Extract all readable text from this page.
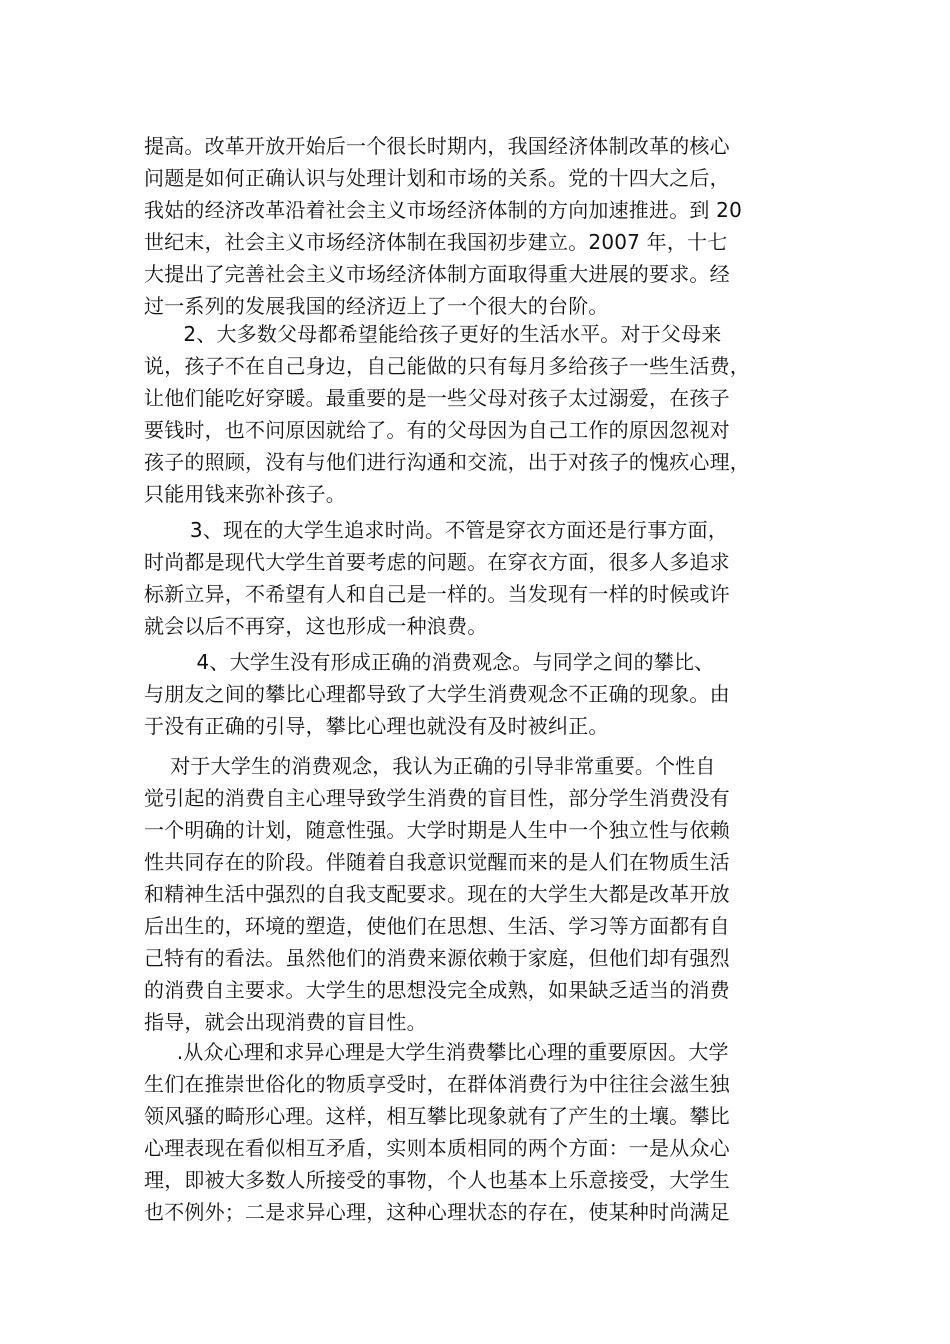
提高。改革开放开始后一个很长时期内，我国经济体制改革的核心
问题是如何正确认识与处理计划和市场的关系。党的十四大之后，
我姑的经济改革沿着社会主义市场经济体制的方向加速推进。到 20
世纪末，社会主义市场经济体制在我国初步建立。2007 年，十七
大提出了完善社会主义市场经济体制方面取得重大进展的要求。经
过一系列的发展我国的经济迈上了一个很大的台阶。
2、大多数父母都希望能给孩子更好的生活水平。对于父母来
说，孩子不在自己身边，自己能做的只有每月多给孩子一些生活费，
让他们能吃好穿暖。最重要的是一些父母对孩子太过溺爱，在孩子
要钱时，也不问原因就给了。有的父母因为自己工作的原因忽视对
孩子的照顾，没有与他们进行沟通和交流，出于对孩子的愧疚心理，
只能用钱来弥补孩子。
3、现在的大学生追求时尚。不管是穿衣方面还是行事方面，
时尚都是现代大学生首要考虑的问题。在穿衣方面，很多人多追求
标新立异，不希望有人和自己是一样的。当发现有一样的时候或许
就会以后不再穿，这也形成一种浪费。
4、大学生没有形成正确的消费观念。与同学之间的攀比、
与朋友之间的攀比心理都导致了大学生消费观念不正确的现象。由
于没有正确的引导，攀比心理也就没有及时被纠正。
对于大学生的消费观念，我认为正确的引导非常重要。个性自
觉引起的消费自主心理导致学生消费的盲目性，部分学生消费没有
一个明确的计划，随意性强。大学时期是人生中一个独立性与依赖
性共同存在的阶段。伴随着自我意识觉醒而来的是人们在物质生活
和精神生活中强烈的自我支配要求。现在的大学生大都是改革开放
后出生的，环境的塑造，使他们在思想、生活、学习等方面都有自
己特有的看法。虽然他们的消费来源依赖于家庭，但他们却有强烈
的消费自主要求。大学生的思想没完全成熟，如果缺乏适当的消费
指导，就会出现消费的盲目性。
.从众心理和求异心理是大学生消费攀比心理的重要原因。大学
生们在推崇世俗化的物质享受时，在群体消费行为中往往会滋生独
领风骚的畸形心理。这样，相互攀比现象就有了产生的土壤。攀比
心理表现在看似相互矛盾，实则本质相同的两个方面：一是从众心
理，即被大多数人所接受的事物，个人也基本上乐意接受，大学生
也不例外；二是求异心理，这种心理状态的存在，使某种时尚满足
